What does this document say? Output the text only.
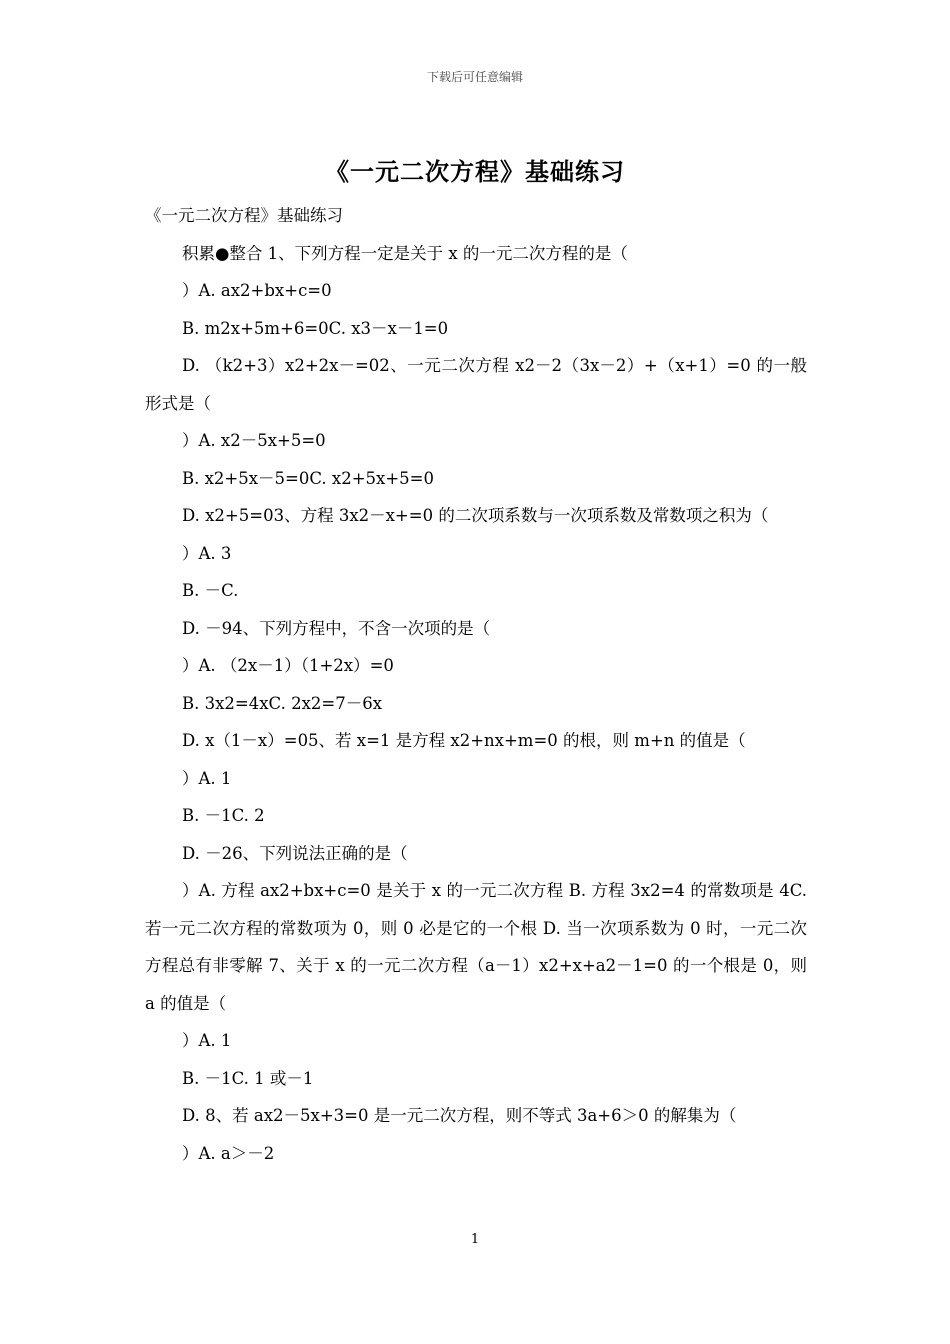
下载后可任意编辑
《一元二次方程》基础练习

《一元二次方程》基础练习

积累●整合 1、下列方程一定是关于 x 的一元二次方程的是（

）A. ax2+bx+c=0

B. m2x+5m+6=0C. x3－x－1=0

D. （k2+3）x2+2x－=02、一元二次方程 x2－2（3x－2）+（x+1）=0 的一般形式是（

）A. x2－5x+5=0

B. x2+5x－5=0C. x2+5x+5=0

D. x2+5=03、方程 3x2－x+=0 的二次项系数与一次项系数及常数项之积为（

）A. 3

B. －C.

D. －94、下列方程中，不含一次项的是（

）A. （2x－1）（1+2x）=0

B. 3x2=4xC. 2x2=7－6x

D. x（1－x）=05、若 x=1 是方程 x2+nx+m=0 的根，则 m+n 的值是（

）A. 1

B. －1C. 2

D. －26、下列说法正确的是（

）A. 方程 ax2+bx+c=0 是关于 x 的一元二次方程 B. 方程 3x2=4 的常数项是 4C. 若一元二次方程的常数项为 0，则 0 必是它的一个根 D. 当一次项系数为 0 时，一元二次方程总有非零解 7、关于 x 的一元二次方程（a－1）x2+x+a2－1=0 的一个根是 0，则 a 的值是（

）A. 1

B. －1C. 1 或－1

D. 8、若 ax2－5x+3=0 是一元二次方程，则不等式 3a+6＞0 的解集为（

）A. a＞－2

1
